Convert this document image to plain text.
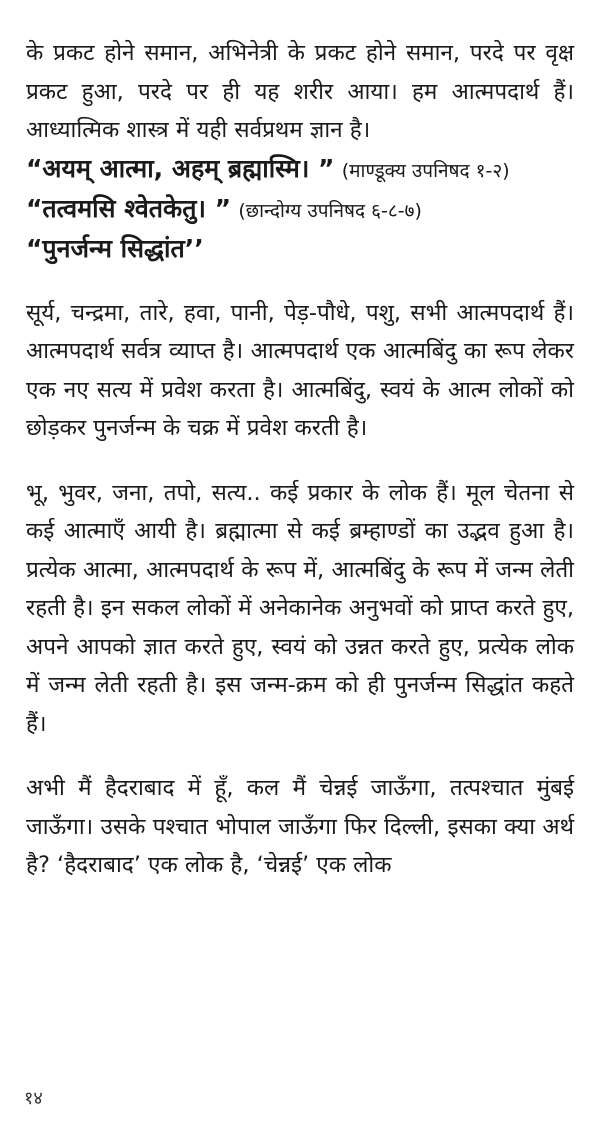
के प्रकट होने समान, अभिनेत्री के प्रकट होने समान, परदे पर वृक्ष प्रकट हुआ, परदे पर ही यह शरीर आया। हम आत्मपदार्थ हैं। आध्यात्मिक शास्त्र में यही सर्वप्रथम ज्ञान है।

“अयम् आत्मा, अहम् ब्रह्मास्मि। ” (माण्डूक्य उपनिषद १-२)

“तत्वमसि श्वेतकेतु। ” (छान्दोग्य उपनिषद ६-८-७)

“पुनर्जन्म सिद्धांत’’

सूर्य, चन्द्रमा, तारे, हवा, पानी, पेड़-पौधे, पशु, सभी आत्मपदार्थ हैं। आत्मपदार्थ सर्वत्र व्याप्त है। आत्मपदार्थ एक आत्मबिंदु का रूप लेकर एक नए सत्य में प्रवेश करता है। आत्मबिंदु, स्वयं के आत्म लोकों को छोड़कर पुनर्जन्म के चक्र में प्रवेश करती है।

भू, भुवर, जना, तपो, सत्य.. कई प्रकार के लोक हैं। मूल चेतना से कई आत्माएँ आयी है। ब्रह्मात्मा से कई ब्रम्हाण्डों का उद्भव हुआ है। प्रत्येक आत्मा, आत्मपदार्थ के रूप में, आत्मबिंदु के रूप में जन्म लेती रहती है। इन सकल लोकों में अनेकानेक अनुभवों को प्राप्त करते हुए, अपने आपको ज्ञात करते हुए, स्वयं को उन्नत करते हुए, प्रत्येक लोक में जन्म लेती रहती है। इस जन्म-क्रम को ही पुनर्जन्म सिद्धांत कहते हैं।

अभी मैं हैदराबाद में हूँ, कल मैं चेन्नई जाऊँगा, तत्पश्चात मुंबई जाऊँगा। उसके पश्चात भोपाल जाऊँगा फिर दिल्ली, इसका क्या अर्थ है? ‘हैदराबाद’ एक लोक है, ‘चेन्नई’ एक लोक

१४
